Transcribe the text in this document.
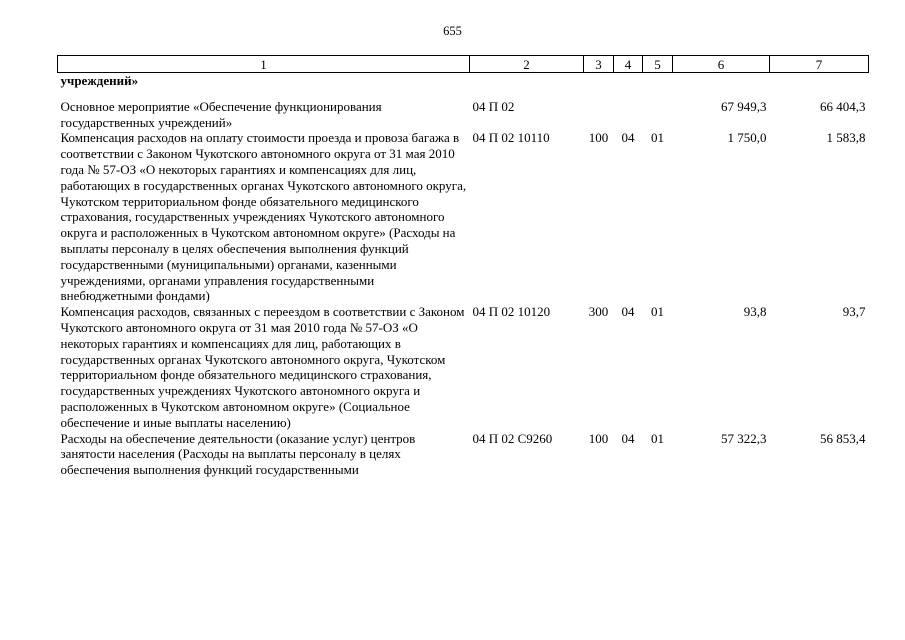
655
1	2	3	4	5	6	7
учреждений»						
Основное мероприятие «Обеспечение функционирования государственных учреждений»	04 П 02				67 949,3	66 404,3
Компенсация расходов на оплату стоимости проезда и провоза багажа в соответствии с Законом Чукотского автономного округа от 31 мая 2010 года № 57-ОЗ «О некоторых гарантиях и компенсациях для лиц, работающих в государственных органах Чукотского автономного округа, Чукотском территориальном фонде обязательного медицинского страхования, государственных учреждениях Чукотского автономного округа и расположенных в Чукотском автономном округе» (Расходы на выплаты персоналу в целях обеспечения выполнения функций государственными (муниципальными) органами, казенными учреждениями, органами управления государственными внебюджетными фондами)	04 П 02 10110	100	04	01	1 750,0	1 583,8
Компенсация расходов, связанных с переездом в соответствии с Законом Чукотского автономного округа от 31 мая 2010 года № 57-ОЗ «О некоторых гарантиях и компенсациях для лиц, работающих в государственных органах Чукотского автономного округа, Чукотском территориальном фонде обязательного медицинского страхования, государственных учреждениях Чукотского автономного округа и расположенных в Чукотском автономном округе» (Социальное обеспечение и иные выплаты населению)	04 П 02 10120	300	04	01	93,8	93,7
Расходы на обеспечение деятельности (оказание услуг) центров занятости населения (Расходы на выплаты персоналу в целях обеспечения выполнения функций государственными	04 П 02 С9260	100	04	01	57 322,3	56 853,4
